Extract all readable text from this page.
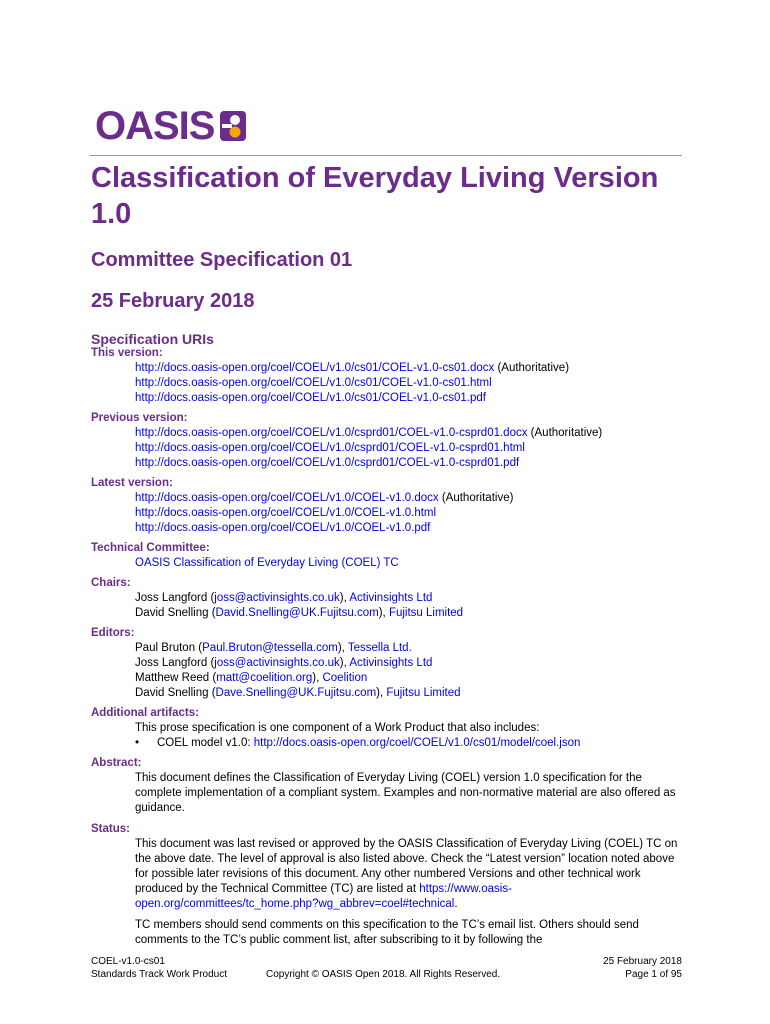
OASIS
Classification of Everyday Living Version 1.0
Committee Specification 01
25 February 2018
Specification URIs
This version:
http://docs.oasis-open.org/coel/COEL/v1.0/cs01/COEL-v1.0-cs01.docx (Authoritative)
http://docs.oasis-open.org/coel/COEL/v1.0/cs01/COEL-v1.0-cs01.html
http://docs.oasis-open.org/coel/COEL/v1.0/cs01/COEL-v1.0-cs01.pdf
Previous version:
http://docs.oasis-open.org/coel/COEL/v1.0/csprd01/COEL-v1.0-csprd01.docx (Authoritative)
http://docs.oasis-open.org/coel/COEL/v1.0/csprd01/COEL-v1.0-csprd01.html
http://docs.oasis-open.org/coel/COEL/v1.0/csprd01/COEL-v1.0-csprd01.pdf
Latest version:
http://docs.oasis-open.org/coel/COEL/v1.0/COEL-v1.0.docx (Authoritative)
http://docs.oasis-open.org/coel/COEL/v1.0/COEL-v1.0.html
http://docs.oasis-open.org/coel/COEL/v1.0/COEL-v1.0.pdf
Technical Committee:
OASIS Classification of Everyday Living (COEL) TC
Chairs:
Joss Langford (joss@activinsights.co.uk), Activinsights Ltd
David Snelling (David.Snelling@UK.Fujitsu.com), Fujitsu Limited
Editors:
Paul Bruton (Paul.Bruton@tessella.com), Tessella Ltd.
Joss Langford (joss@activinsights.co.uk), Activinsights Ltd
Matthew Reed (matt@coelition.org), Coelition
David Snelling (Dave.Snelling@UK.Fujitsu.com), Fujitsu Limited
Additional artifacts:
This prose specification is one component of a Work Product that also includes:
•	COEL model v1.0: http://docs.oasis-open.org/coel/COEL/v1.0/cs01/model/coel.json
Abstract:
This document defines the Classification of Everyday Living (COEL) version 1.0 specification for the complete implementation of a compliant system. Examples and non-normative material are also offered as guidance.
Status:
This document was last revised or approved by the OASIS Classification of Everyday Living (COEL) TC on the above date. The level of approval is also listed above. Check the “Latest version” location noted above for possible later revisions of this document. Any other numbered Versions and other technical work produced by the Technical Committee (TC) are listed at https://www.oasis-open.org/committees/tc_home.php?wg_abbrev=coel#technical.
TC members should send comments on this specification to the TC’s email list. Others should send comments to the TC’s public comment list, after subscribing to it by following the
COEL-v1.0-cs01
Standards Track Work Product	Copyright © OASIS Open 2018. All Rights Reserved.
25 February 2018
Page 1 of 95
